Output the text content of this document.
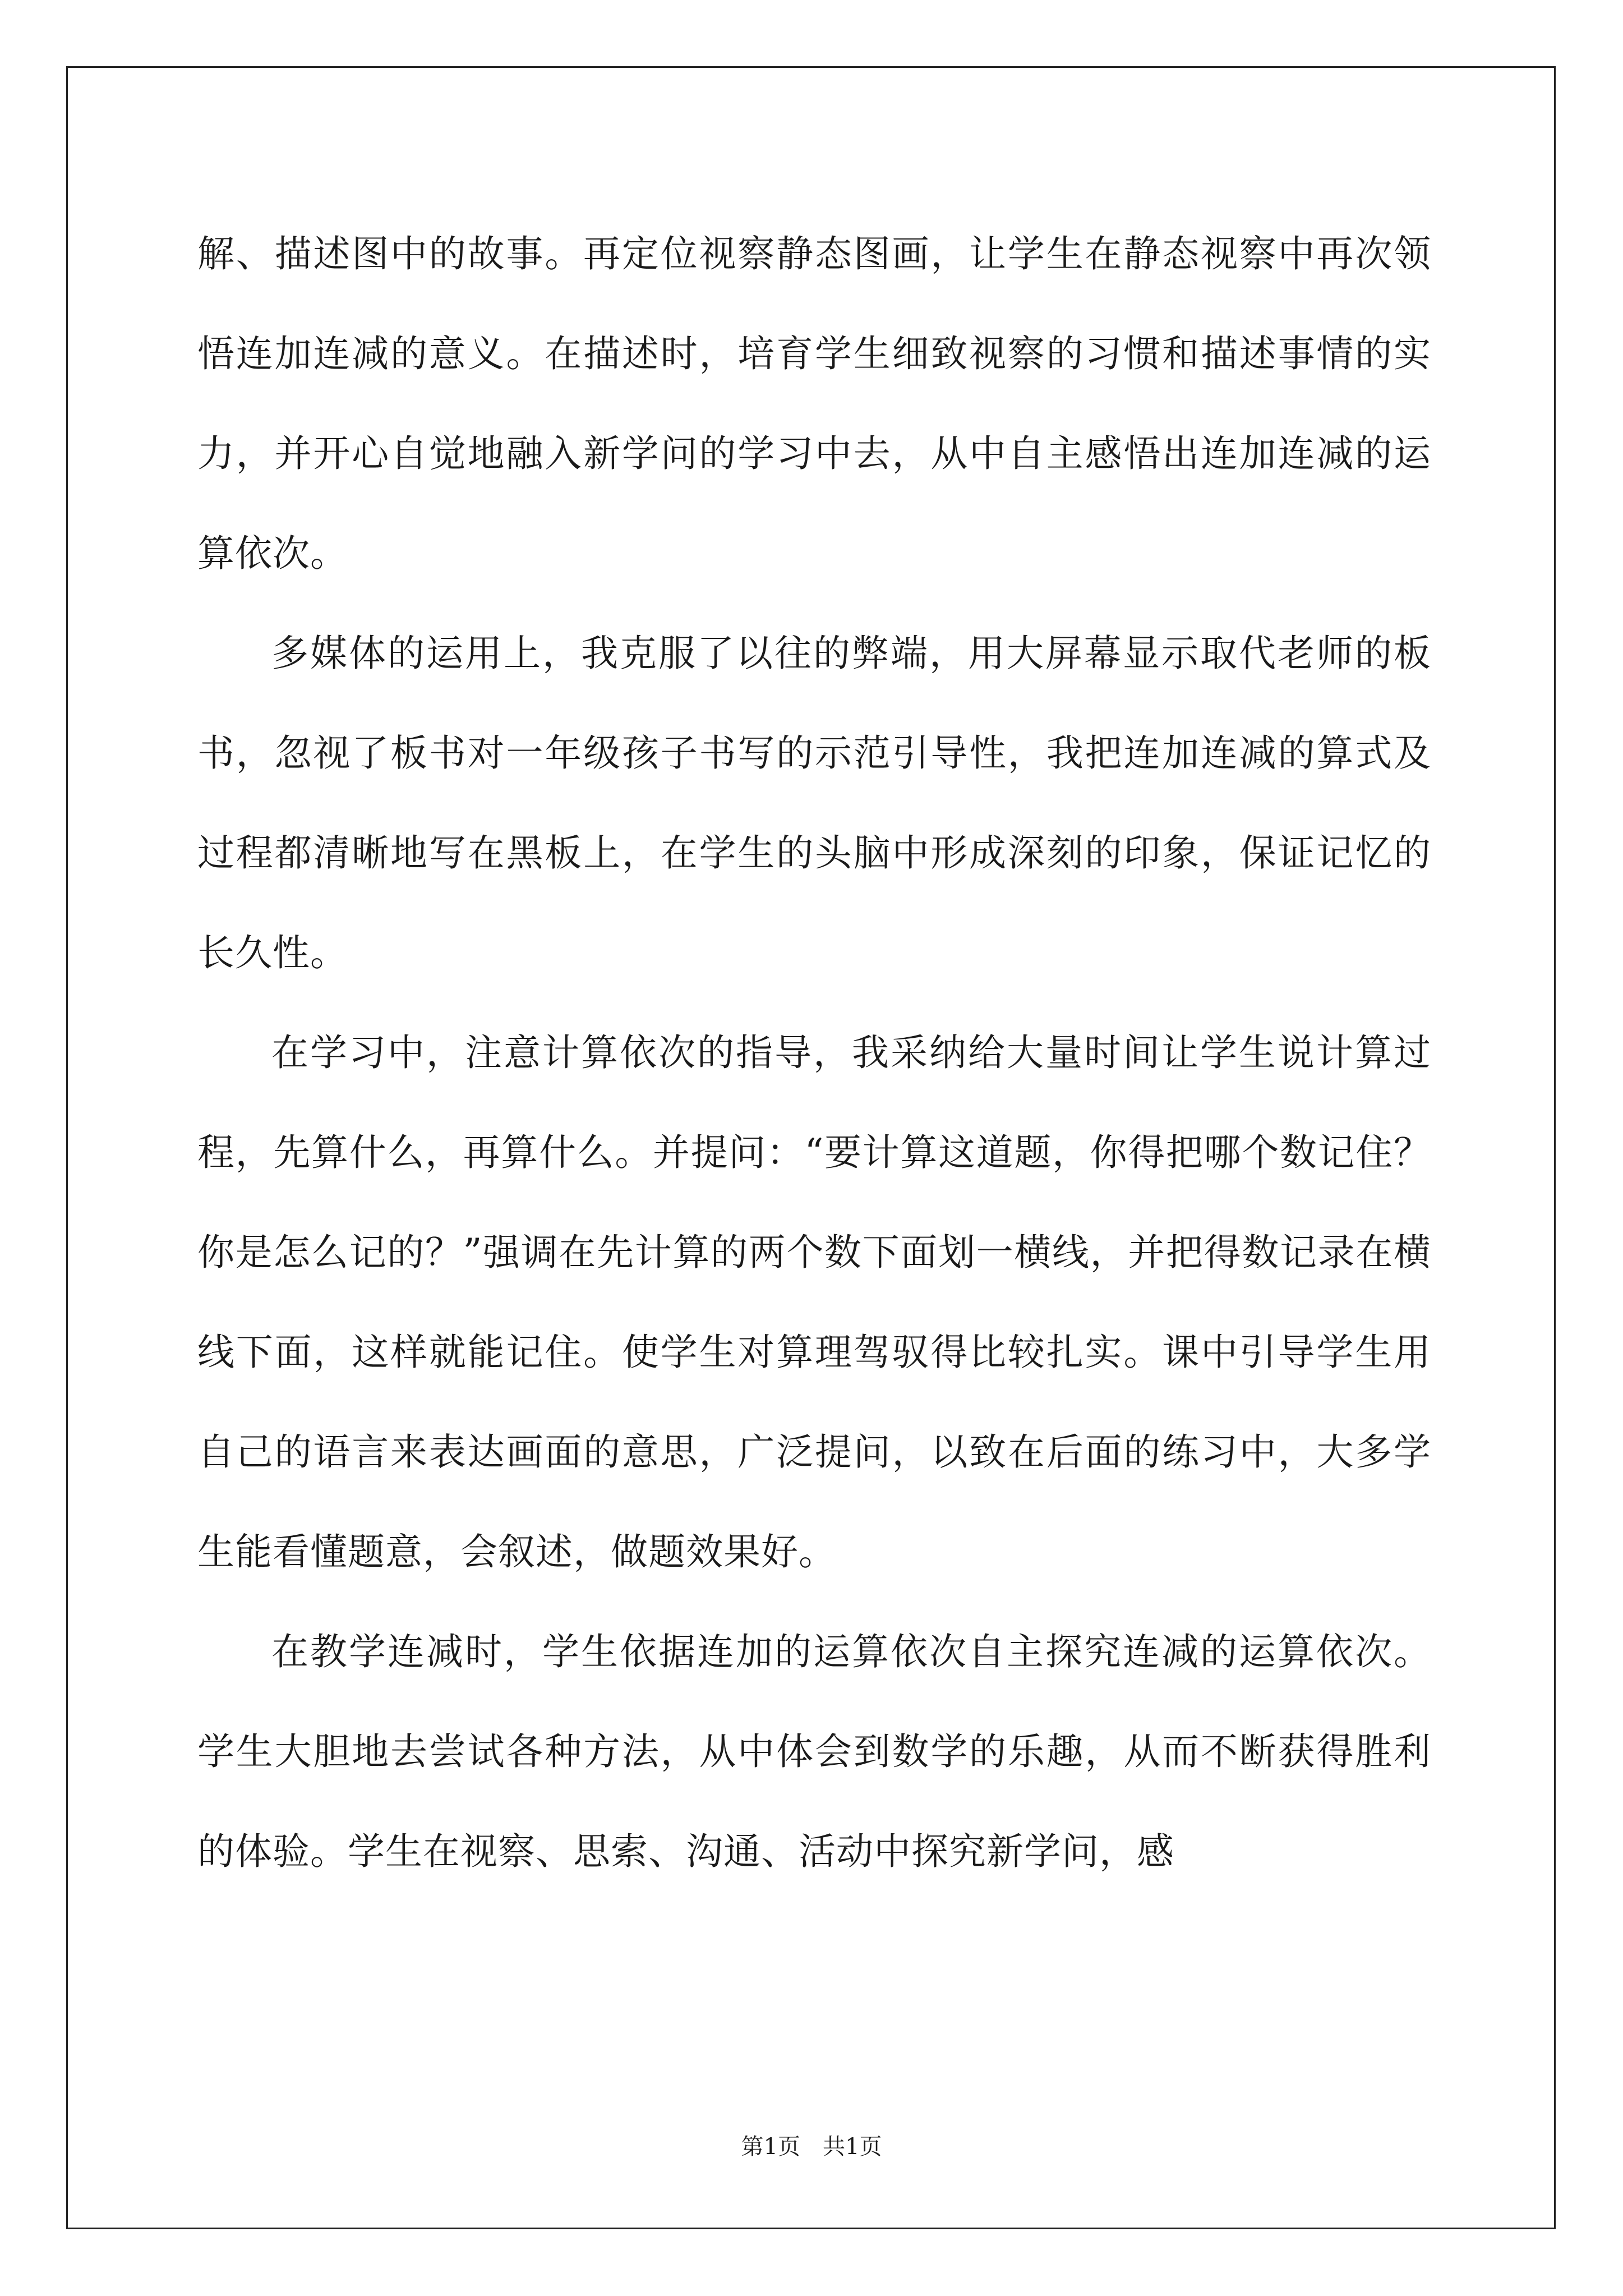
解、描述图中的故事。再定位视察静态图画，让学生在静态视察中再次领悟连加连减的意义。在描述时，培育学生细致视察的习惯和描述事情的实力，并开心自觉地融入新学问的学习中去，从中自主感悟出连加连减的运算依次。

多媒体的运用上，我克服了以往的弊端，用大屏幕显示取代老师的板书，忽视了板书对一年级孩子书写的示范引导性，我把连加连减的算式及过程都清晰地写在黑板上，在学生的头脑中形成深刻的印象，保证记忆的长久性。

在学习中，注意计算依次的指导，我采纳给大量时间让学生说计算过程，先算什么，再算什么。并提问：“要计算这道题，你得把哪个数记住？你是怎么记的？”强调在先计算的两个数下面划一横线，并把得数记录在横线下面，这样就能记住。使学生对算理驾驭得比较扎实。课中引导学生用自己的语言来表达画面的意思，广泛提问，以致在后面的练习中，大多学生能看懂题意，会叙述，做题效果好。

在教学连减时，学生依据连加的运算依次自主探究连减的运算依次。学生大胆地去尝试各种方法，从中体会到数学的乐趣，从而不断获得胜利的体验。学生在视察、思索、沟通、活动中探究新学问，感

第1页 共1页
